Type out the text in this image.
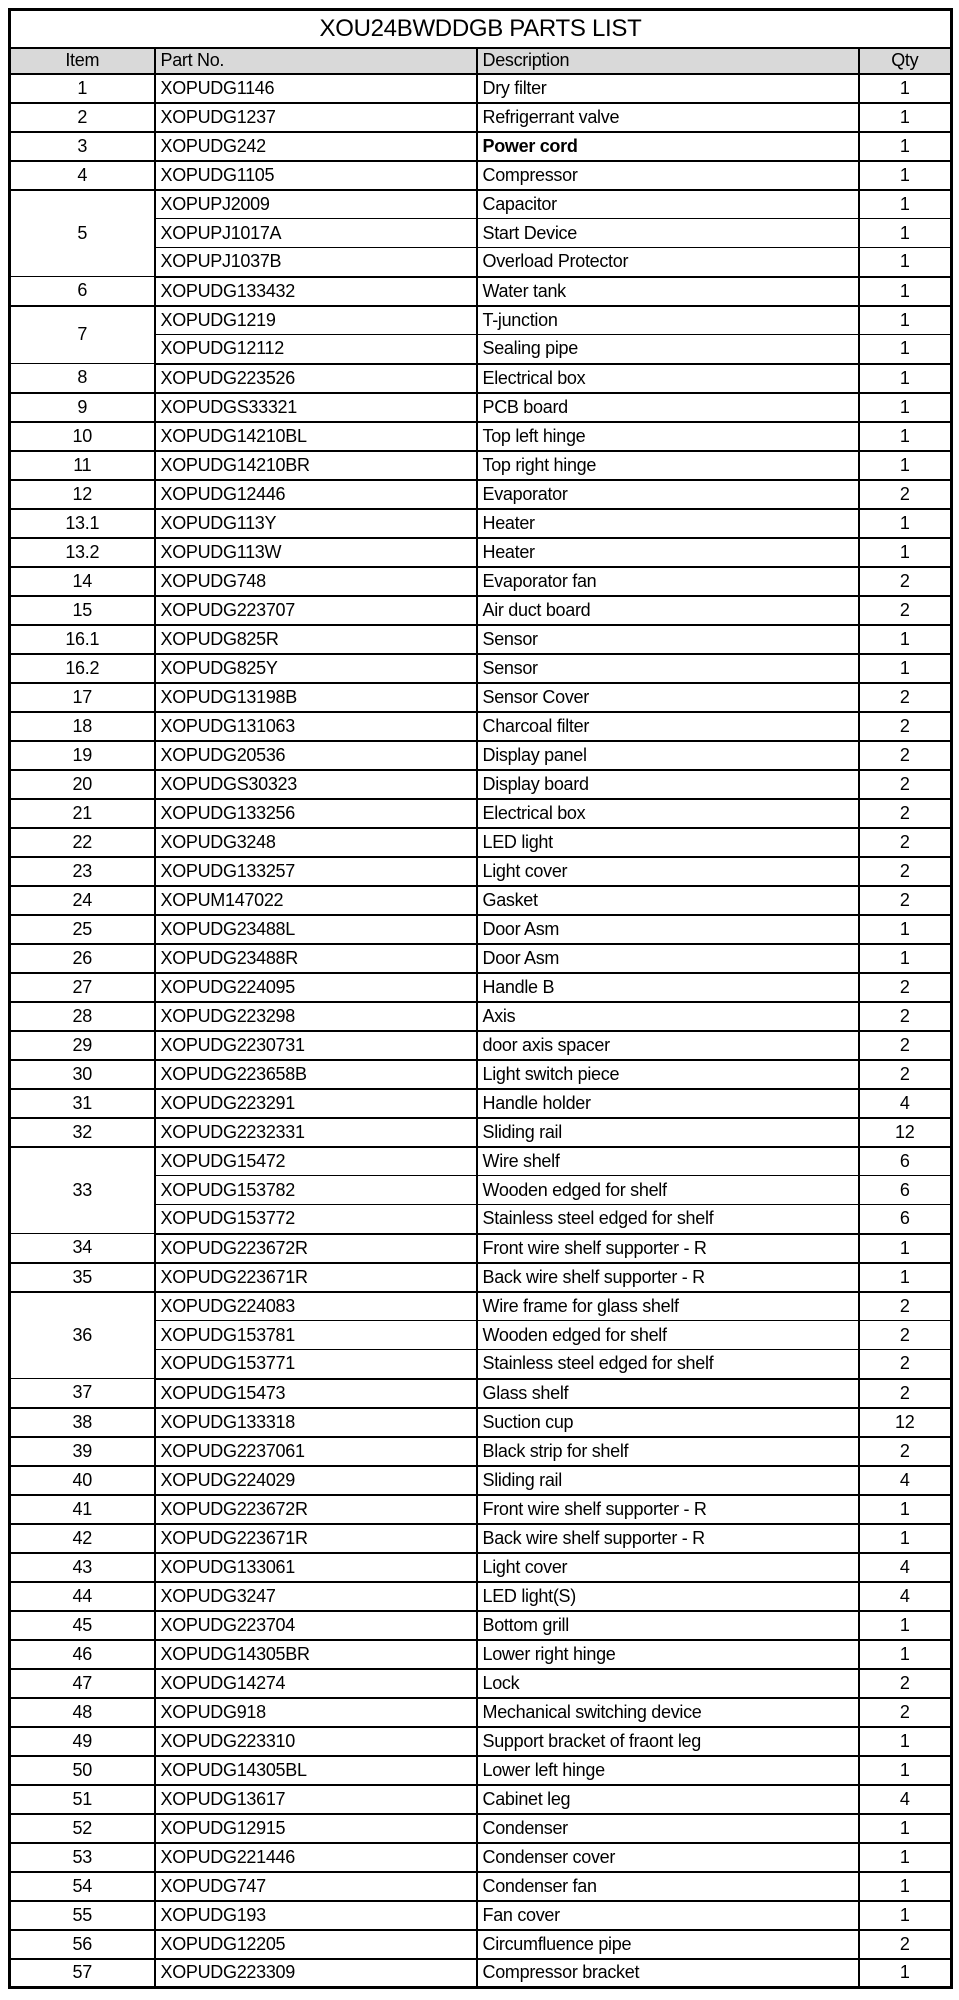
XOU24BWDDGB PARTS LIST			
Item	Part No.	Description	Qty
1	XOPUDG1146	Dry filter	1
2	XOPUDG1237	Refrigerrant valve	1
3	XOPUDG242	Power cord	1
4	XOPUDG1105	Compressor	1
5	XOPUPJ2009	Capacitor	1
	XOPUPJ1017A	Start Device	1
	XOPUPJ1037B	Overload Protector	1
6	XOPUDG133432	Water tank	1
7	XOPUDG1219	T-junction	1
	XOPUDG12112	Sealing pipe	1
8	XOPUDG223526	Electrical box	1
9	XOPUDGS33321	PCB board	1
10	XOPUDG14210BL	Top left hinge	1
11	XOPUDG14210BR	Top right hinge	1
12	XOPUDG12446	Evaporator	2
13.1	XOPUDG113Y	Heater	1
13.2	XOPUDG113W	Heater	1
14	XOPUDG748	Evaporator fan	2
15	XOPUDG223707	Air duct board	2
16.1	XOPUDG825R	Sensor	1
16.2	XOPUDG825Y	Sensor	1
17	XOPUDG13198B	Sensor Cover	2
18	XOPUDG131063	Charcoal filter	2
19	XOPUDG20536	Display panel	2
20	XOPUDGS30323	Display board	2
21	XOPUDG133256	Electrical box	2
22	XOPUDG3248	LED light	2
23	XOPUDG133257	Light cover	2
24	XOPUM147022	Gasket	2
25	XOPUDG23488L	Door Asm	1
26	XOPUDG23488R	Door Asm	1
27	XOPUDG224095	Handle B	2
28	XOPUDG223298	Axis	2
29	XOPUDG2230731	door axis spacer	2
30	XOPUDG223658B	Light switch piece	2
31	XOPUDG223291	Handle holder	4
32	XOPUDG2232331	Sliding rail	12
33	XOPUDG15472	Wire shelf	6
	XOPUDG153782	Wooden edged for shelf	6
	XOPUDG153772	Stainless steel edged for shelf	6
34	XOPUDG223672R	Front wire shelf supporter - R	1
35	XOPUDG223671R	Back wire shelf supporter - R	1
36	XOPUDG224083	Wire frame for glass shelf	2
	XOPUDG153781	Wooden edged for shelf	2
	XOPUDG153771	Stainless steel edged for shelf	2
37	XOPUDG15473	Glass shelf	2
38	XOPUDG133318	Suction cup	12
39	XOPUDG2237061	Black strip for shelf	2
40	XOPUDG224029	Sliding rail	4
41	XOPUDG223672R	Front wire shelf supporter - R	1
42	XOPUDG223671R	Back wire shelf supporter - R	1
43	XOPUDG133061	Light cover	4
44	XOPUDG3247	LED light(S)	4
45	XOPUDG223704	Bottom grill	1
46	XOPUDG14305BR	Lower right hinge	1
47	XOPUDG14274	Lock	2
48	XOPUDG918	Mechanical switching device	2
49	XOPUDG223310	Support bracket of fraont leg	1
50	XOPUDG14305BL	Lower left hinge	1
51	XOPUDG13617	Cabinet leg	4
52	XOPUDG12915	Condenser	1
53	XOPUDG221446	Condenser cover	1
54	XOPUDG747	Condenser fan	1
55	XOPUDG193	Fan cover	1
56	XOPUDG12205	Circumfluence pipe	2
57	XOPUDG223309	Compressor bracket	1
